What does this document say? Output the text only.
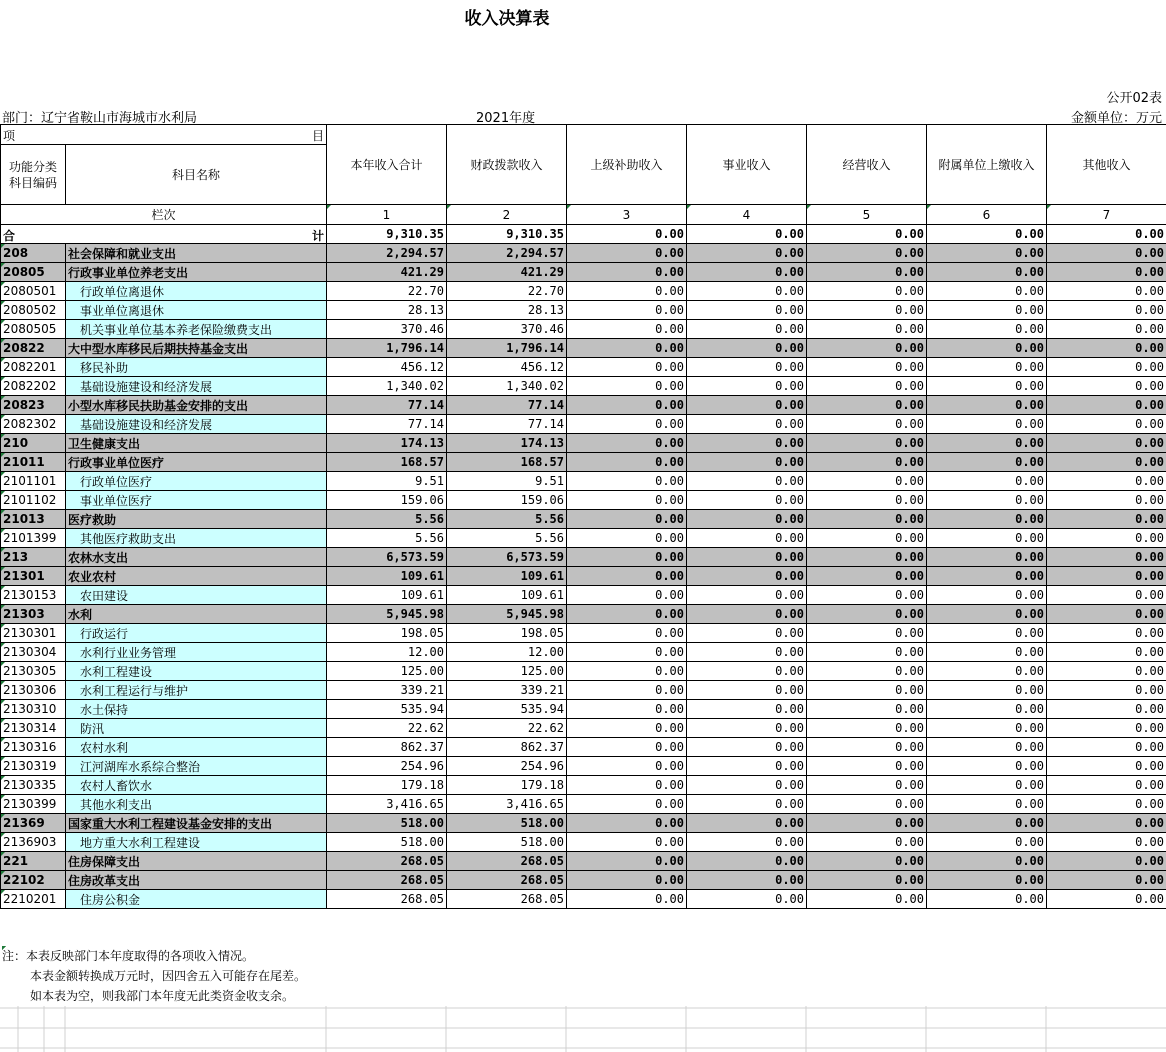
收入决算表
公开02表
部门：辽宁省鞍山市海城市水利局	2021年度	金额单位：万元
项 目		本年收入合计	财政拨款收入	上级补助收入	事业收入	经营收入	附属单位上缴收入	其他收入

功能分类
科目编码	科目名称							
栏次		1	2	3	4	5	6	7

合 计		9,310.35	9,310.35	0.00	0.00	0.00	0.00	0.00
208	社会保障和就业支出	2,294.57	2,294.57	0.00	0.00	0.00	0.00	0.00
20805	行政事业单位养老支出	421.29	421.29	0.00	0.00	0.00	0.00	0.00
2080501	行政单位离退休	22.70	22.70	0.00	0.00	0.00	0.00	0.00
2080502	事业单位离退休	28.13	28.13	0.00	0.00	0.00	0.00	0.00
2080505	机关事业单位基本养老保险缴费支出	370.46	370.46	0.00	0.00	0.00	0.00	0.00
20822	大中型水库移民后期扶持基金支出	1,796.14	1,796.14	0.00	0.00	0.00	0.00	0.00
2082201	移民补助	456.12	456.12	0.00	0.00	0.00	0.00	0.00
2082202	基础设施建设和经济发展	1,340.02	1,340.02	0.00	0.00	0.00	0.00	0.00
20823	小型水库移民扶助基金安排的支出	77.14	77.14	0.00	0.00	0.00	0.00	0.00
2082302	基础设施建设和经济发展	77.14	77.14	0.00	0.00	0.00	0.00	0.00
210	卫生健康支出	174.13	174.13	0.00	0.00	0.00	0.00	0.00
21011	行政事业单位医疗	168.57	168.57	0.00	0.00	0.00	0.00	0.00
2101101	行政单位医疗	9.51	9.51	0.00	0.00	0.00	0.00	0.00
2101102	事业单位医疗	159.06	159.06	0.00	0.00	0.00	0.00	0.00
21013	医疗救助	5.56	5.56	0.00	0.00	0.00	0.00	0.00
2101399	其他医疗救助支出	5.56	5.56	0.00	0.00	0.00	0.00	0.00
213	农林水支出	6,573.59	6,573.59	0.00	0.00	0.00	0.00	0.00
21301	农业农村	109.61	109.61	0.00	0.00	0.00	0.00	0.00
2130153	农田建设	109.61	109.61	0.00	0.00	0.00	0.00	0.00
21303	水利	5,945.98	5,945.98	0.00	0.00	0.00	0.00	0.00
2130301	行政运行	198.05	198.05	0.00	0.00	0.00	0.00	0.00
2130304	水利行业业务管理	12.00	12.00	0.00	0.00	0.00	0.00	0.00
2130305	水利工程建设	125.00	125.00	0.00	0.00	0.00	0.00	0.00
2130306	水利工程运行与维护	339.21	339.21	0.00	0.00	0.00	0.00	0.00
2130310	水土保持	535.94	535.94	0.00	0.00	0.00	0.00	0.00
2130314	防汛	22.62	22.62	0.00	0.00	0.00	0.00	0.00
2130316	农村水利	862.37	862.37	0.00	0.00	0.00	0.00	0.00
2130319	江河湖库水系综合整治	254.96	254.96	0.00	0.00	0.00	0.00	0.00
2130335	农村人畜饮水	179.18	179.18	0.00	0.00	0.00	0.00	0.00
2130399	其他水利支出	3,416.65	3,416.65	0.00	0.00	0.00	0.00	0.00
21369	国家重大水利工程建设基金安排的支出	518.00	518.00	0.00	0.00	0.00	0.00	0.00
2136903	地方重大水利工程建设	518.00	518.00	0.00	0.00	0.00	0.00	0.00
221	住房保障支出	268.05	268.05	0.00	0.00	0.00	0.00	0.00
22102	住房改革支出	268.05	268.05	0.00	0.00	0.00	0.00	0.00
2210201	住房公积金	268.05	268.05	0.00	0.00	0.00	0.00	0.00
注：本表反映部门本年度取得的各项收入情况。
本表金额转换成万元时，因四舍五入可能存在尾差。
如本表为空，则我部门本年度无此类资金收支余。
